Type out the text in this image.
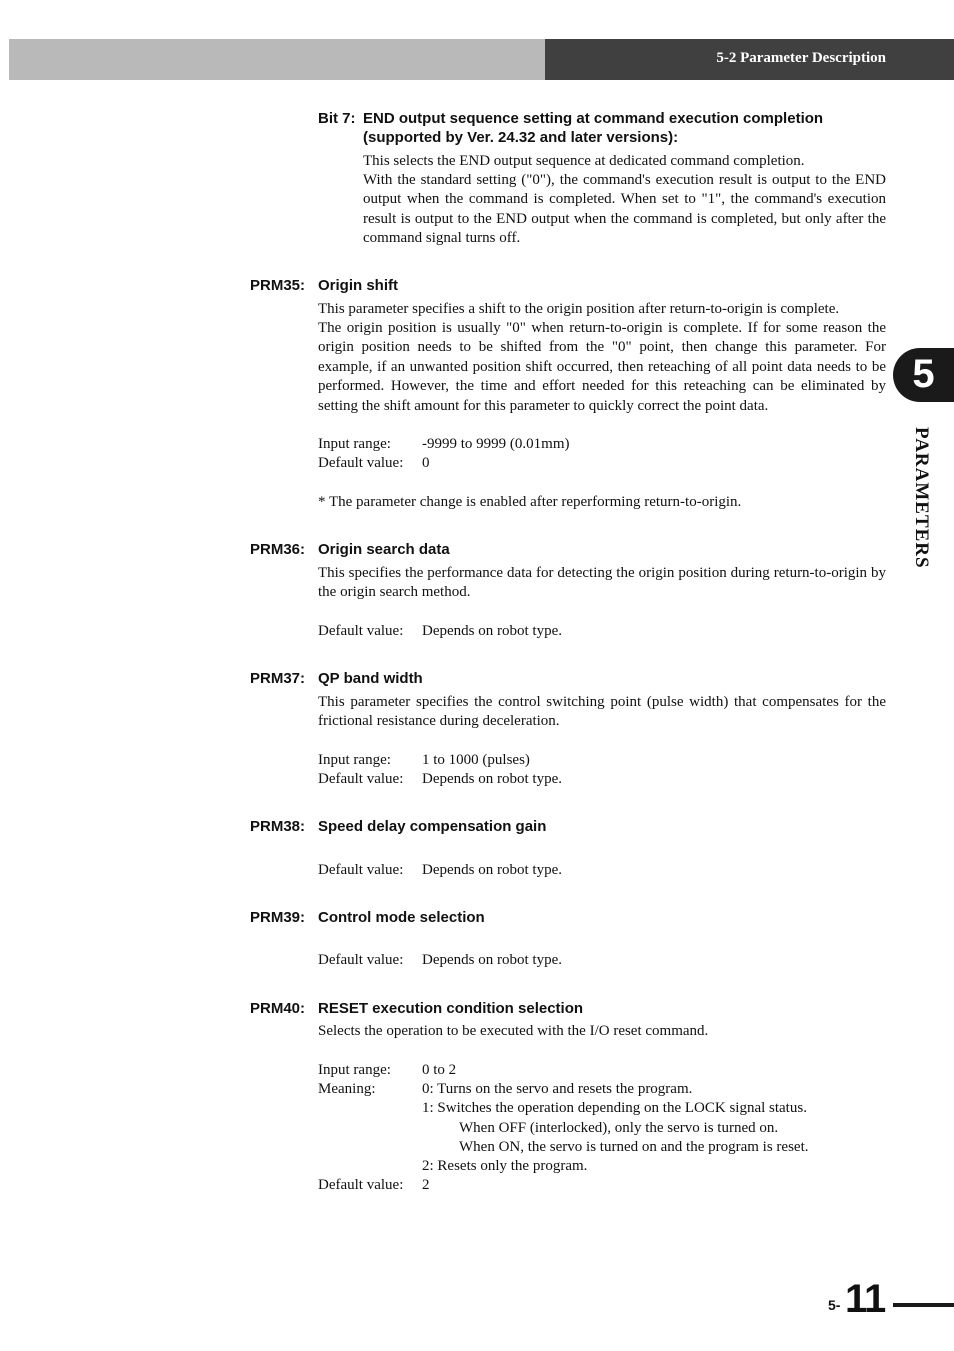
5-2 Parameter Description
5
PARAMETERS
Bit 7: END output sequence setting at command execution completion
(supported by Ver. 24.32 and later versions):
This selects the END output sequence at dedicated command completion.
With the standard setting ("0"), the command's execution result is output to the END output when the command is completed. When set to "1", the command's execution result is output to the END output when the command is completed, but only after the command signal turns off.
PRM35: Origin shift
This parameter specifies a shift to the origin position after return-to-origin is complete.
The origin position is usually "0" when return-to-origin is complete. If for some reason the origin position needs to be shifted from the "0" point, then change this parameter. For example, if an unwanted position shift occurred, then reteaching of all point data needs to be performed. However, the time and effort needed for this reteaching can be eliminated by setting the shift amount for this parameter to quickly correct the point data.
Input range: -9999 to 9999 (0.01mm)
Default value: 0
* The parameter change is enabled after reperforming return-to-origin.
PRM36: Origin search data
This specifies the performance data for detecting the origin position during return-to-origin by the origin search method.
Default value: Depends on robot type.
PRM37: QP band width
This parameter specifies the control switching point (pulse width) that compensates for the frictional resistance during deceleration.
Input range: 1 to 1000 (pulses)
Default value: Depends on robot type.
PRM38: Speed delay compensation gain
Default value: Depends on robot type.
PRM39: Control mode selection
Default value: Depends on robot type.
PRM40: RESET execution condition selection
Selects the operation to be executed with the I/O reset command.
Input range: 0 to 2
Meaning:	0: Turns on the servo and resets the program.
1: Switches the operation depending on the LOCK signal status.
When OFF (interlocked), only the servo is turned on.
When ON, the servo is turned on and the program is reset.
2: Resets only the program.
Default value: 2
5- 11
